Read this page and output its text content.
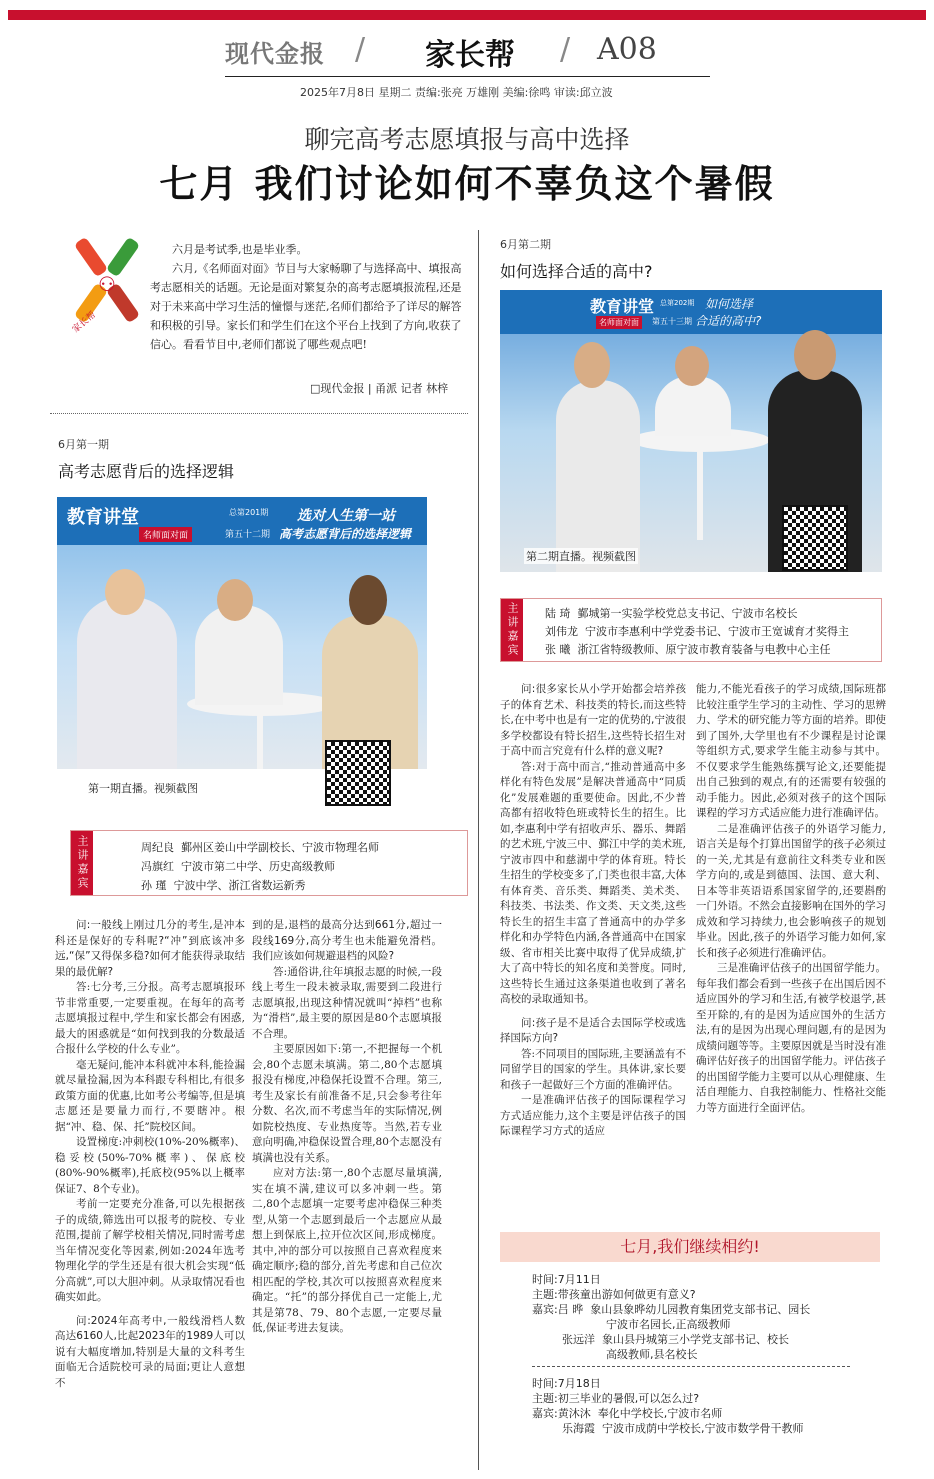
现代金报 / 家长帮 / A08
2025年7月8日 星期二 责编:张亮 万雄刚 美编:徐鸣 审读:邱立波
聊完高考志愿填报与高中选择
七月 我们讨论如何不辜负这个暑假
⚇
家长帮

六月是考试季,也是毕业季。

六月,《名师面对面》节目与大家畅聊了与选择高中、填报高考志愿相关的话题。无论是面对繁复杂的高考志愿填报流程,还是对于未来高中学习生活的憧憬与迷茫,名师们都给予了详尽的解答和积极的引导。家长们和学生们在这个平台上找到了方向,收获了信心。看看节目中,老师们都说了哪些观点吧!

□现代金报 | 甬派 记者 林梓
6月第一期
高考志愿背后的选择逻辑
教育讲堂
名师面对面
总第201期
第五十二期
选对人生第一站
高考志愿背后的选择逻辑
第一期直播。视频截图
主讲嘉宾	周纪良 鄞州区姜山中学副校长、宁波市物理名师
冯旗红 宁波市第二中学、历史高级教师
孙 瑾 宁波中学、浙江省数运新秀
6月第二期
如何选择合适的高中?
教育讲堂
名师面对面
总第202期
第五十三期
如何选择
合适的高中?
第二期直播。视频截图
主讲嘉宾	陆 琦 鄞城第一实验学校党总支书记、宁波市名校长
刘伟龙 宁波市李惠利中学党委书记、宁波市王宽诚育才奖得主
张 曦 浙江省特级教师、原宁波市教育装备与电教中心主任

问:一般线上刚过几分的考生,是冲本科还是保好的专科呢?“冲”到底该冲多远,“保”又得保多稳?如何才能获得录取结果的最优解?

答:七分考,三分报。高考志愿填报环节非常重要,一定要重视。在每年的高考志愿填报过程中,学生和家长都会有困惑,最大的困惑就是“如何找到我的分数最适合报什么学校的什么专业”。

毫无疑问,能冲本科就冲本科,能捡漏就尽量捡漏,因为本科跟专科相比,有很多政策方面的优惠,比如考公考编等,但是填志愿还是要量力而行,不要瞎冲。根据“冲、稳、保、托”院校区间。

设置梯度:冲刺校(10%-20%概率)、稳妥校(50%-70%概率)、保底校(80%-90%概率),托底校(95%以上概率保证7、8个专业)。

考前一定要充分准备,可以先根据孩子的成绩,筛选出可以报考的院校、专业范围,提前了解学校相关情况,同时需考虑当年情况变化等因素,例如:2024年选考物理化学的学生还是有很大机会实现“低分高就”,可以大胆冲刺。从录取情况看也确实如此。

问:2024年高考中,一般线滑档人数高达6160人,比起2023年的1989人可以说有大幅度增加,特别是大量的文科考生面临无合适院校可录的局面;更让人意想不

到的是,退档的最高分达到661分,超过一段线169分,高分考生也未能避免滑档。我们应该如何规避退档的风险?

答:通俗讲,往年填报志愿的时候,一段线上考生一段未被录取,需要到二段进行志愿填报,出现这种情况就叫“掉档”也称为“滑档”,最主要的原因是80个志愿填报不合理。

主要原因如下:第一,不把握每一个机会,80个志愿未填满。第二,80个志愿填报没有梯度,冲稳保托设置不合理。第三,考生及家长有前准备不足,只会参考往年分数、名次,而不考虑当年的实际情况,例如院校热度、专业热度等。当然,若专业意向明确,冲稳保设置合理,80个志愿没有填满也没有关系。

应对方法:第一,80个志愿尽量填满,实在填不满,建议可以多冲刺一些。第二,80个志愿填一定要考虑冲稳保三种类型,从第一个志愿到最后一个志愿应从最想上到保底上,拉开位次区间,形成梯度。其中,冲的部分可以按照自己喜欢程度来确定顺序;稳的部分,首先考虑和自己位次相匹配的学校,其次可以按照喜欢程度来确定。“托”的部分择优自己一定能上,尤其是第78、79、80个志愿,一定要尽量低,保证考进去复读。

问:很多家长从小学开始都会培养孩子的体育艺术、科技类的特长,而这些特长,在中考中也是有一定的优势的,宁波很多学校都设有特长招生,这些特长招生对于高中而言究竟有什么样的意义呢?

答:对于高中而言,“推动普通高中多样化有特色发展”是解决普通高中“同质化”发展难题的重要使命。因此,不少普高都有招收特色班或特长生的招生。比如,李惠利中学有招收声乐、器乐、舞蹈的艺术班,宁波三中、鄞江中学的美术班,宁波市四中和慈湖中学的体育班。特长生招生的学校变多了,门类也很丰富,大体有体育类、音乐类、舞蹈类、美术类、科技类、书法类、作文类、天文类,这些特长生的招生丰富了普通高中的办学多样化和办学特色内涵,各普通高中在国家级、省市相关比赛中取得了优异成绩,扩大了高中特长的知名度和美誉度。同时,这些特长生通过这条渠道也收到了著名高校的录取通知书。

问:孩子是不是适合去国际学校或选择国际方向?

答:不同项目的国际班,主要涵盖有不同留学目的国家的学生。具体讲,家长要和孩子一起做好三个方面的准确评估。

一是准确评估孩子的国际课程学习方式适应能力,这个主要是评估孩子的国际课程学习方式的适应

能力,不能光看孩子的学习成绩,国际班都比较注重学生学习的主动性、学习的思辨力、学术的研究能力等方面的培养。即使到了国外,大学里也有不少课程是讨论课等组织方式,要求学生能主动参与其中。不仅要求学生能熟练撰写论文,还要能提出自己独到的观点,有的还需要有较强的动手能力。因此,必须对孩子的这个国际课程的学习方式适应能力进行准确评估。

二是准确评估孩子的外语学习能力,语言关是每个打算出国留学的孩子必须过的一关,尤其是有意前往文科类专业和医学方向的,或是到德国、法国、意大利、日本等非英语语系国家留学的,还要斟酌一门外语。不然会直接影响在国外的学习成效和学习持续力,也会影响孩子的规划毕业。因此,孩子的外语学习能力如何,家长和孩子必须进行准确评估。

三是准确评估孩子的出国留学能力。每年我们都会看到一些孩子在出国后因不适应国外的学习和生活,有被学校退学,甚至开除的,有的是因为适应国外的生活方法,有的是因为出现心理问题,有的是因为成绩问题等等。主要原因就是当时没有准确评估好孩子的出国留学能力。评估孩子的出国留学能力主要可以从心理健康、生活自理能力、自我控制能力、性格社交能力等方面进行全面评估。

七月,我们继续相约!
时间:7月11日
主题:带孩童出游如何做更有意义?
嘉宾:吕 晔 象山县象晔幼儿园教育集团党支部书记、园长
宁波市名园长,正高级教师
张远洋 象山县丹城第三小学党支部书记、校长
高级教师,县名校长
时间:7月18日
主题:初三毕业的暑假,可以怎么过?
嘉宾:黄沐沐 奉化中学校长,宁波市名师
乐海霞 宁波市成荫中学校长,宁波市数学骨干教师
